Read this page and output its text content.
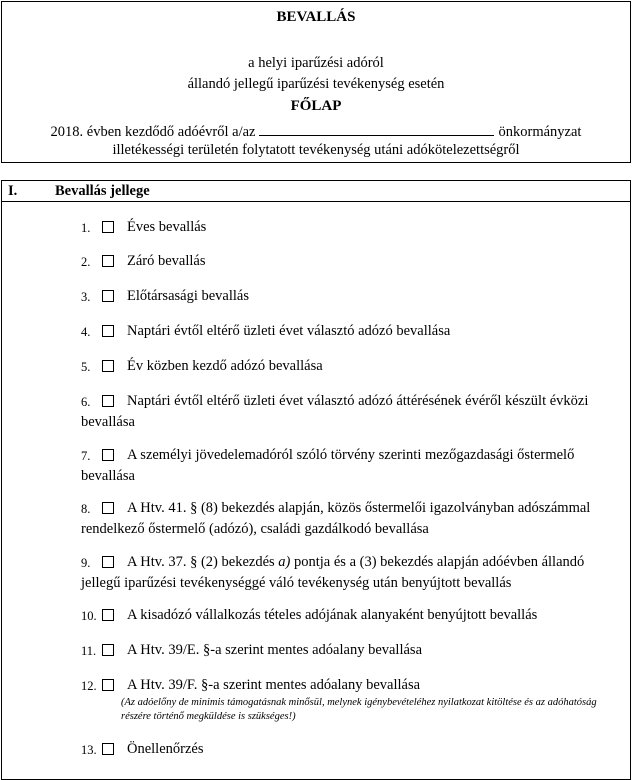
BEVALLÁS
a helyi iparűzési adóról
állandó jellegű iparűzési tevékenység esetén
FŐLAP
2018. évben kezdődő adóévről a/az	önkormányzat
illetékességi területén folytatott tevékenység utáni adókötelezettségről
I.	Bevallás jellege
1.	Éves bevallás
2.	Záró bevallás
3.	Előtársasági bevallás
4.	Naptári évtől eltérő üzleti évet választó adózó bevallása
5.	Év közben kezdő adózó bevallása
6.	Naptári évtől eltérő üzleti évet választó adózó áttérésének évéről készült évközi bevallása
7.	A személyi jövedelemadóról szóló törvény szerinti mezőgazdasági őstermelő bevallása
8.	A Htv. 41. § (8) bekezdés alapján, közös őstermelői igazolványban adószámmal rendelkező őstermelő (adózó), családi gazdálkodó bevallása
9.	A Htv. 37. § (2) bekezdés a) pontja és a (3) bekezdés alapján adóévben állandó jellegű iparűzési tevékenységgé váló tevékenység után benyújtott bevallás
10.	A kisadózó vállalkozás tételes adójának alanyaként benyújtott bevallás
11.	A Htv. 39/E. §-a szerint mentes adóalany bevallása
12.	A Htv. 39/F. §-a szerint mentes adóalany bevallása
(Az adóelőny de minimis támogatásnak minősül, melynek igénybevételéhez nyilatkozat kitöltése és az adóhatóság részére történő megküldése is szükséges!)
13.	Önellenőrzés
